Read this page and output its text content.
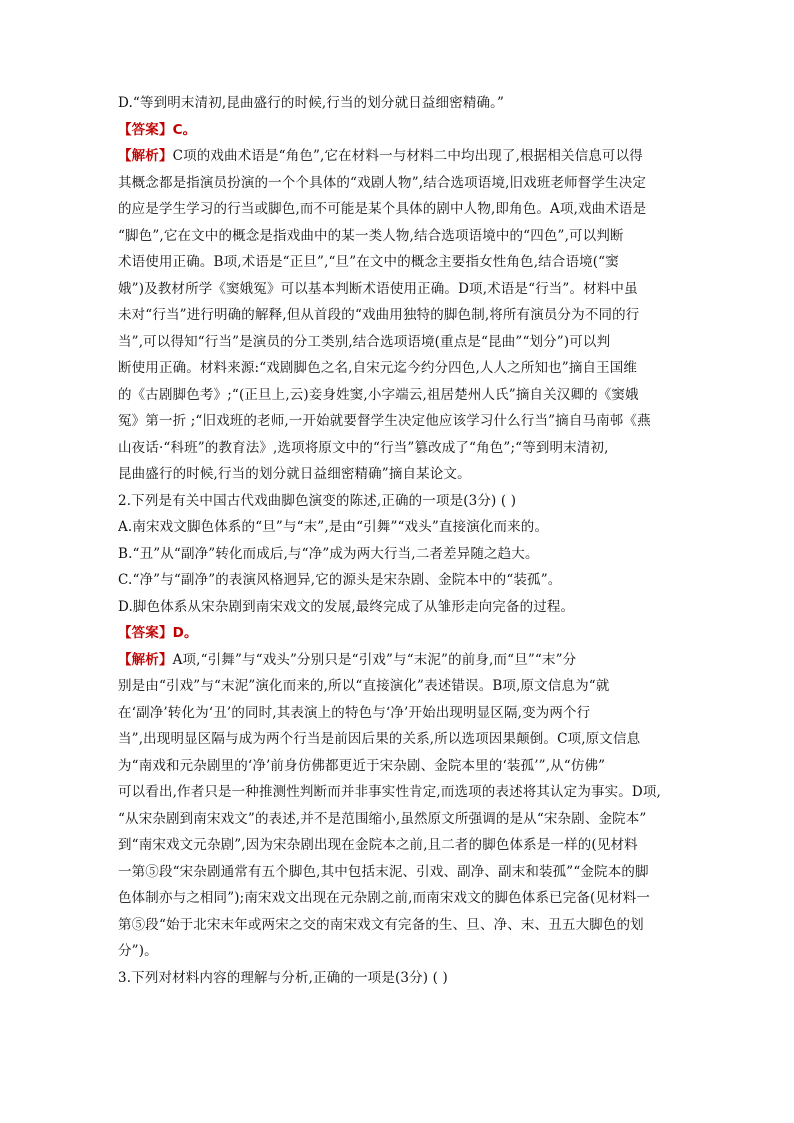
D.“等到明末清初,昆曲盛行的时候,行当的划分就日益细密精确。”
【答案】C。
【解析】C项的戏曲术语是“角色”,它在材料一与材料二中均出现了,根据相关信息可以得
其概念都是指演员扮演的一个个具体的“戏剧人物”,结合选项语境,旧戏班老师督学生决定
的应是学生学习的行当或脚色,而不可能是某个具体的剧中人物,即角色。A项,戏曲术语是
“脚色”,它在文中的概念是指戏曲中的某一类人物,结合选项语境中的“四色”,可以判断
术语使用正确。B项,术语是“正旦”,“旦”在文中的概念主要指女性角色,结合语境(“窦
娥”)及教材所学《窦娥冤》可以基本判断术语使用正确。D项,术语是“行当”。材料中虽
未对“行当”进行明确的解释,但从首段的“戏曲用独特的脚色制,将所有演员分为不同的行
当”,可以得知“行当”是演员的分工类别,结合选项语境(重点是“昆曲”“划分”)可以判
断使用正确。材料来源:“戏剧脚色之名,自宋元迄今约分四色,人人之所知也”摘自王国维
的《古剧脚色考》;“(正旦上,云)妾身姓窦,小字端云,祖居楚州人氏”摘自关汉卿的《窦娥
冤》第一折 ;“旧戏班的老师,一开始就要督学生决定他应该学习什么行当”摘自马南邨《燕
山夜话·“科班”的教育法》,选项将原文中的“行当”篡改成了“角色”;“等到明末清初,
昆曲盛行的时候,行当的划分就日益细密精确”摘自某论文。
2.下列是有关中国古代戏曲脚色演变的陈述,正确的一项是(3分) ( )
A.南宋戏文脚色体系的“旦”与“末”,是由“引舞”“戏头”直接演化而来的。
B.“丑”从“副净”转化而成后,与“净”成为两大行当,二者差异随之趋大。
C.“净”与“副净”的表演风格迥异,它的源头是宋杂剧、金院本中的“装孤”。
D.脚色体系从宋杂剧到南宋戏文的发展,最终完成了从雏形走向完备的过程。
【答案】D。
【解析】A项,“引舞”与“戏头”分别只是“引戏”与“末泥”的前身,而“旦”“末”分
别是由“引戏”与“末泥”演化而来的,所以“直接演化”表述错误。B项,原文信息为“就
在‘副净’转化为‘丑’的同时,其表演上的特色与‘净’开始出现明显区隔,变为两个行
当”,出现明显区隔与成为两个行当是前因后果的关系,所以选项因果颠倒。C项,原文信息
为“南戏和元杂剧里的‘净’前身仿佛都更近于宋杂剧、金院本里的‘装孤’”,从“仿佛”
可以看出,作者只是一种推测性判断而并非事实性肯定,而选项的表述将其认定为事实。D项,
“从宋杂剧到南宋戏文”的表述,并不是范围缩小,虽然原文所强调的是从“宋杂剧、金院本”
到“南宋戏文元杂剧”,因为宋杂剧出现在金院本之前,且二者的脚色体系是一样的(见材料
一第⑤段“宋杂剧通常有五个脚色,其中包括末泥、引戏、副净、副末和装孤”“金院本的脚
色体制亦与之相同”);南宋戏文出现在元杂剧之前,而南宋戏文的脚色体系已完备(见材料一
第⑤段“始于北宋末年或两宋之交的南宋戏文有完备的生、旦、净、末、丑五大脚色的划
分”)。
3.下列对材料内容的理解与分析,正确的一项是(3分) ( )
